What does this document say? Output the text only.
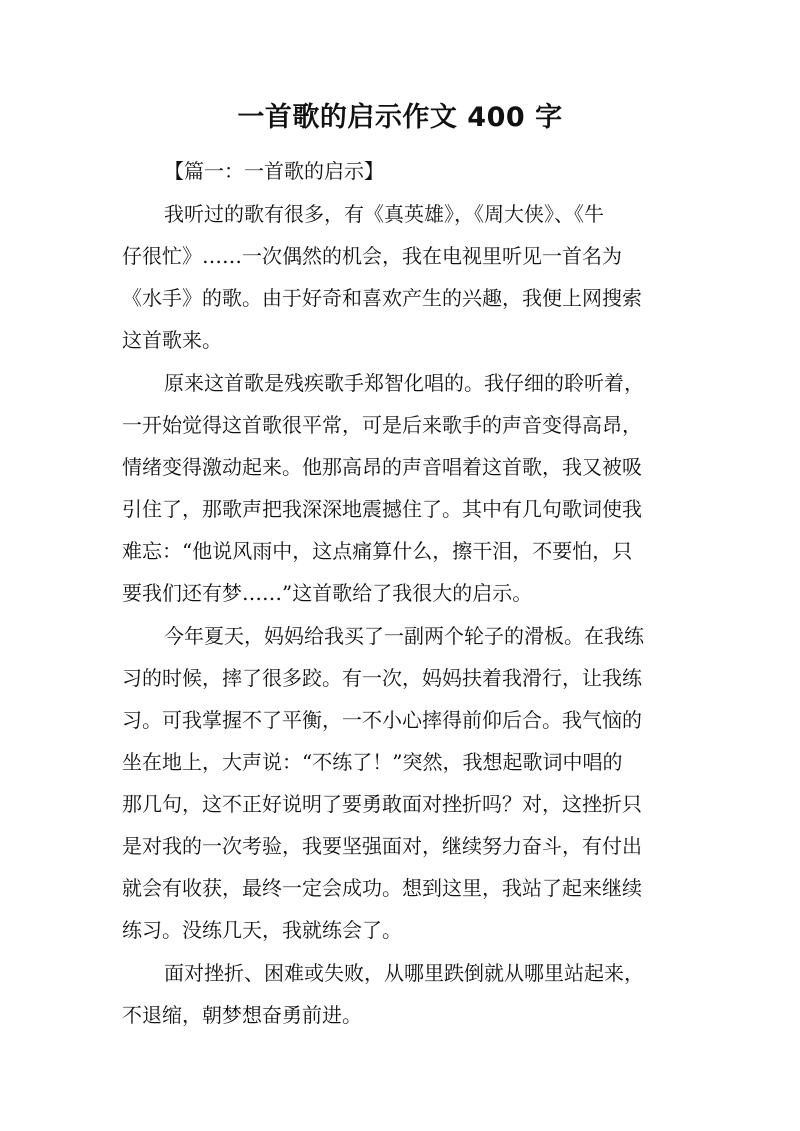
一首歌的启示作文 400 字

【篇一：一首歌的启示】

我听过的歌有很多，有《真英雄》，《周大侠》、《牛
仔很忙》……一次偶然的机会，我在电视里听见一首名为
《水手》的歌。由于好奇和喜欢产生的兴趣，我便上网搜索
这首歌来。

原来这首歌是残疾歌手郑智化唱的。我仔细的聆听着，
一开始觉得这首歌很平常，可是后来歌手的声音变得高昂，
情绪变得激动起来。他那高昂的声音唱着这首歌，我又被吸
引住了，那歌声把我深深地震撼住了。其中有几句歌词使我
难忘：“他说风雨中，这点痛算什么，擦干泪，不要怕，只
要我们还有梦……”这首歌给了我很大的启示。

今年夏天，妈妈给我买了一副两个轮子的滑板。在我练
习的时候，摔了很多跤。有一次，妈妈扶着我滑行，让我练
习。可我掌握不了平衡，一不小心摔得前仰后合。我气恼的
坐在地上，大声说：“不练了！”突然，我想起歌词中唱的
那几句，这不正好说明了要勇敢面对挫折吗？对，这挫折只
是对我的一次考验，我要坚强面对，继续努力奋斗，有付出
就会有收获，最终一定会成功。想到这里，我站了起来继续
练习。没练几天，我就练会了。

面对挫折、困难或失败，从哪里跌倒就从哪里站起来，
不退缩，朝梦想奋勇前进。
